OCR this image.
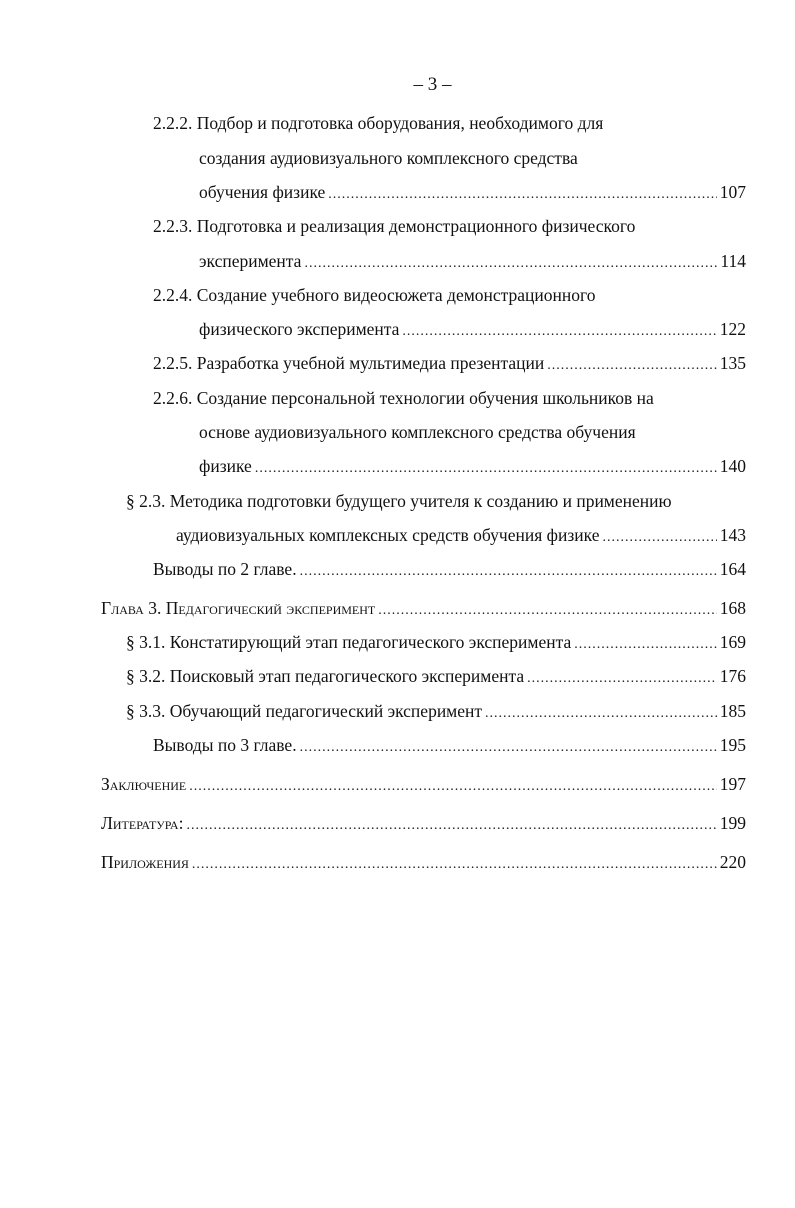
– 3 –
2.2.2. Подбор и подготовка оборудования, необходимого для
создания аудиовизуального комплексного средства
обучения физике .....	107
2.2.3. Подготовка и реализация демонстрационного физического
эксперимента .....	114
2.2.4. Создание учебного видеосюжета демонстрационного
физического эксперимента .....	122
2.2.5. Разработка учебной мультимедиа презентации .....	135
2.2.6. Создание персональной технологии обучения школьников на
основе аудиовизуального комплексного средства обучения
физике .....	140
§ 2.3. Методика подготовки будущего учителя к созданию и применению
аудиовизуальных комплексных средств обучения физике .....	143
Выводы по 2 главе. .....	164
Глава 3. Педагогический эксперимент .....	168
§ 3.1. Констатирующий этап педагогического эксперимента .....	169
§ 3.2. Поисковый этап педагогического эксперимента .....	176
§ 3.3. Обучающий педагогический эксперимент .....	185
Выводы по 3 главе. .....	195
Заключение .....	197
Литература: .....	199
Приложения .....	220
